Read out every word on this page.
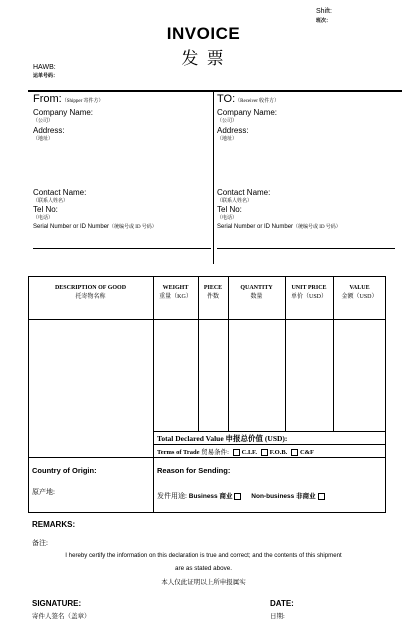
Shift:
班次：
INVOICE
发 票
HAWB:
运单号码：
From:（Shipper 寄件方）
Company Name:
（公司）
Address:
（地址）
Contact Name:
（联系人姓名）
Tel No:
（电话）
Serial Number or ID Number（统编号或 ID 号码）
TO:（Receiver 收件方）
Company Name:
（公司）
Address:
（地址）
Contact Name:
（联系人姓名）
Tel No:
（电话）
Serial Number or ID Number（统编号或 ID 号码）
DESCRIPTION OF GOOD
托寄物名称
WEIGHT
重量（KG）
PIECE
件数
QUANTITY
数量
UNIT PRICE
单价（USD）
VALUE
金额（USD）
Total Declared Value 申报总价值 (USD):
Terms of Trade 贸易条件: C.I.F. F.O.B. C&F
Country of Origin:
原产地:
Reason for Sending:
发件用途: Business 商业	Non-business 非商业
REMARKS:
备注:
I hereby certify the information on this declaration is true and correct; and the contents of this shipment
are as stated above.
本人仅此证明以上所申报属实
SIGNATURE:
寄件人签名（盖章）
DATE:
日期:
